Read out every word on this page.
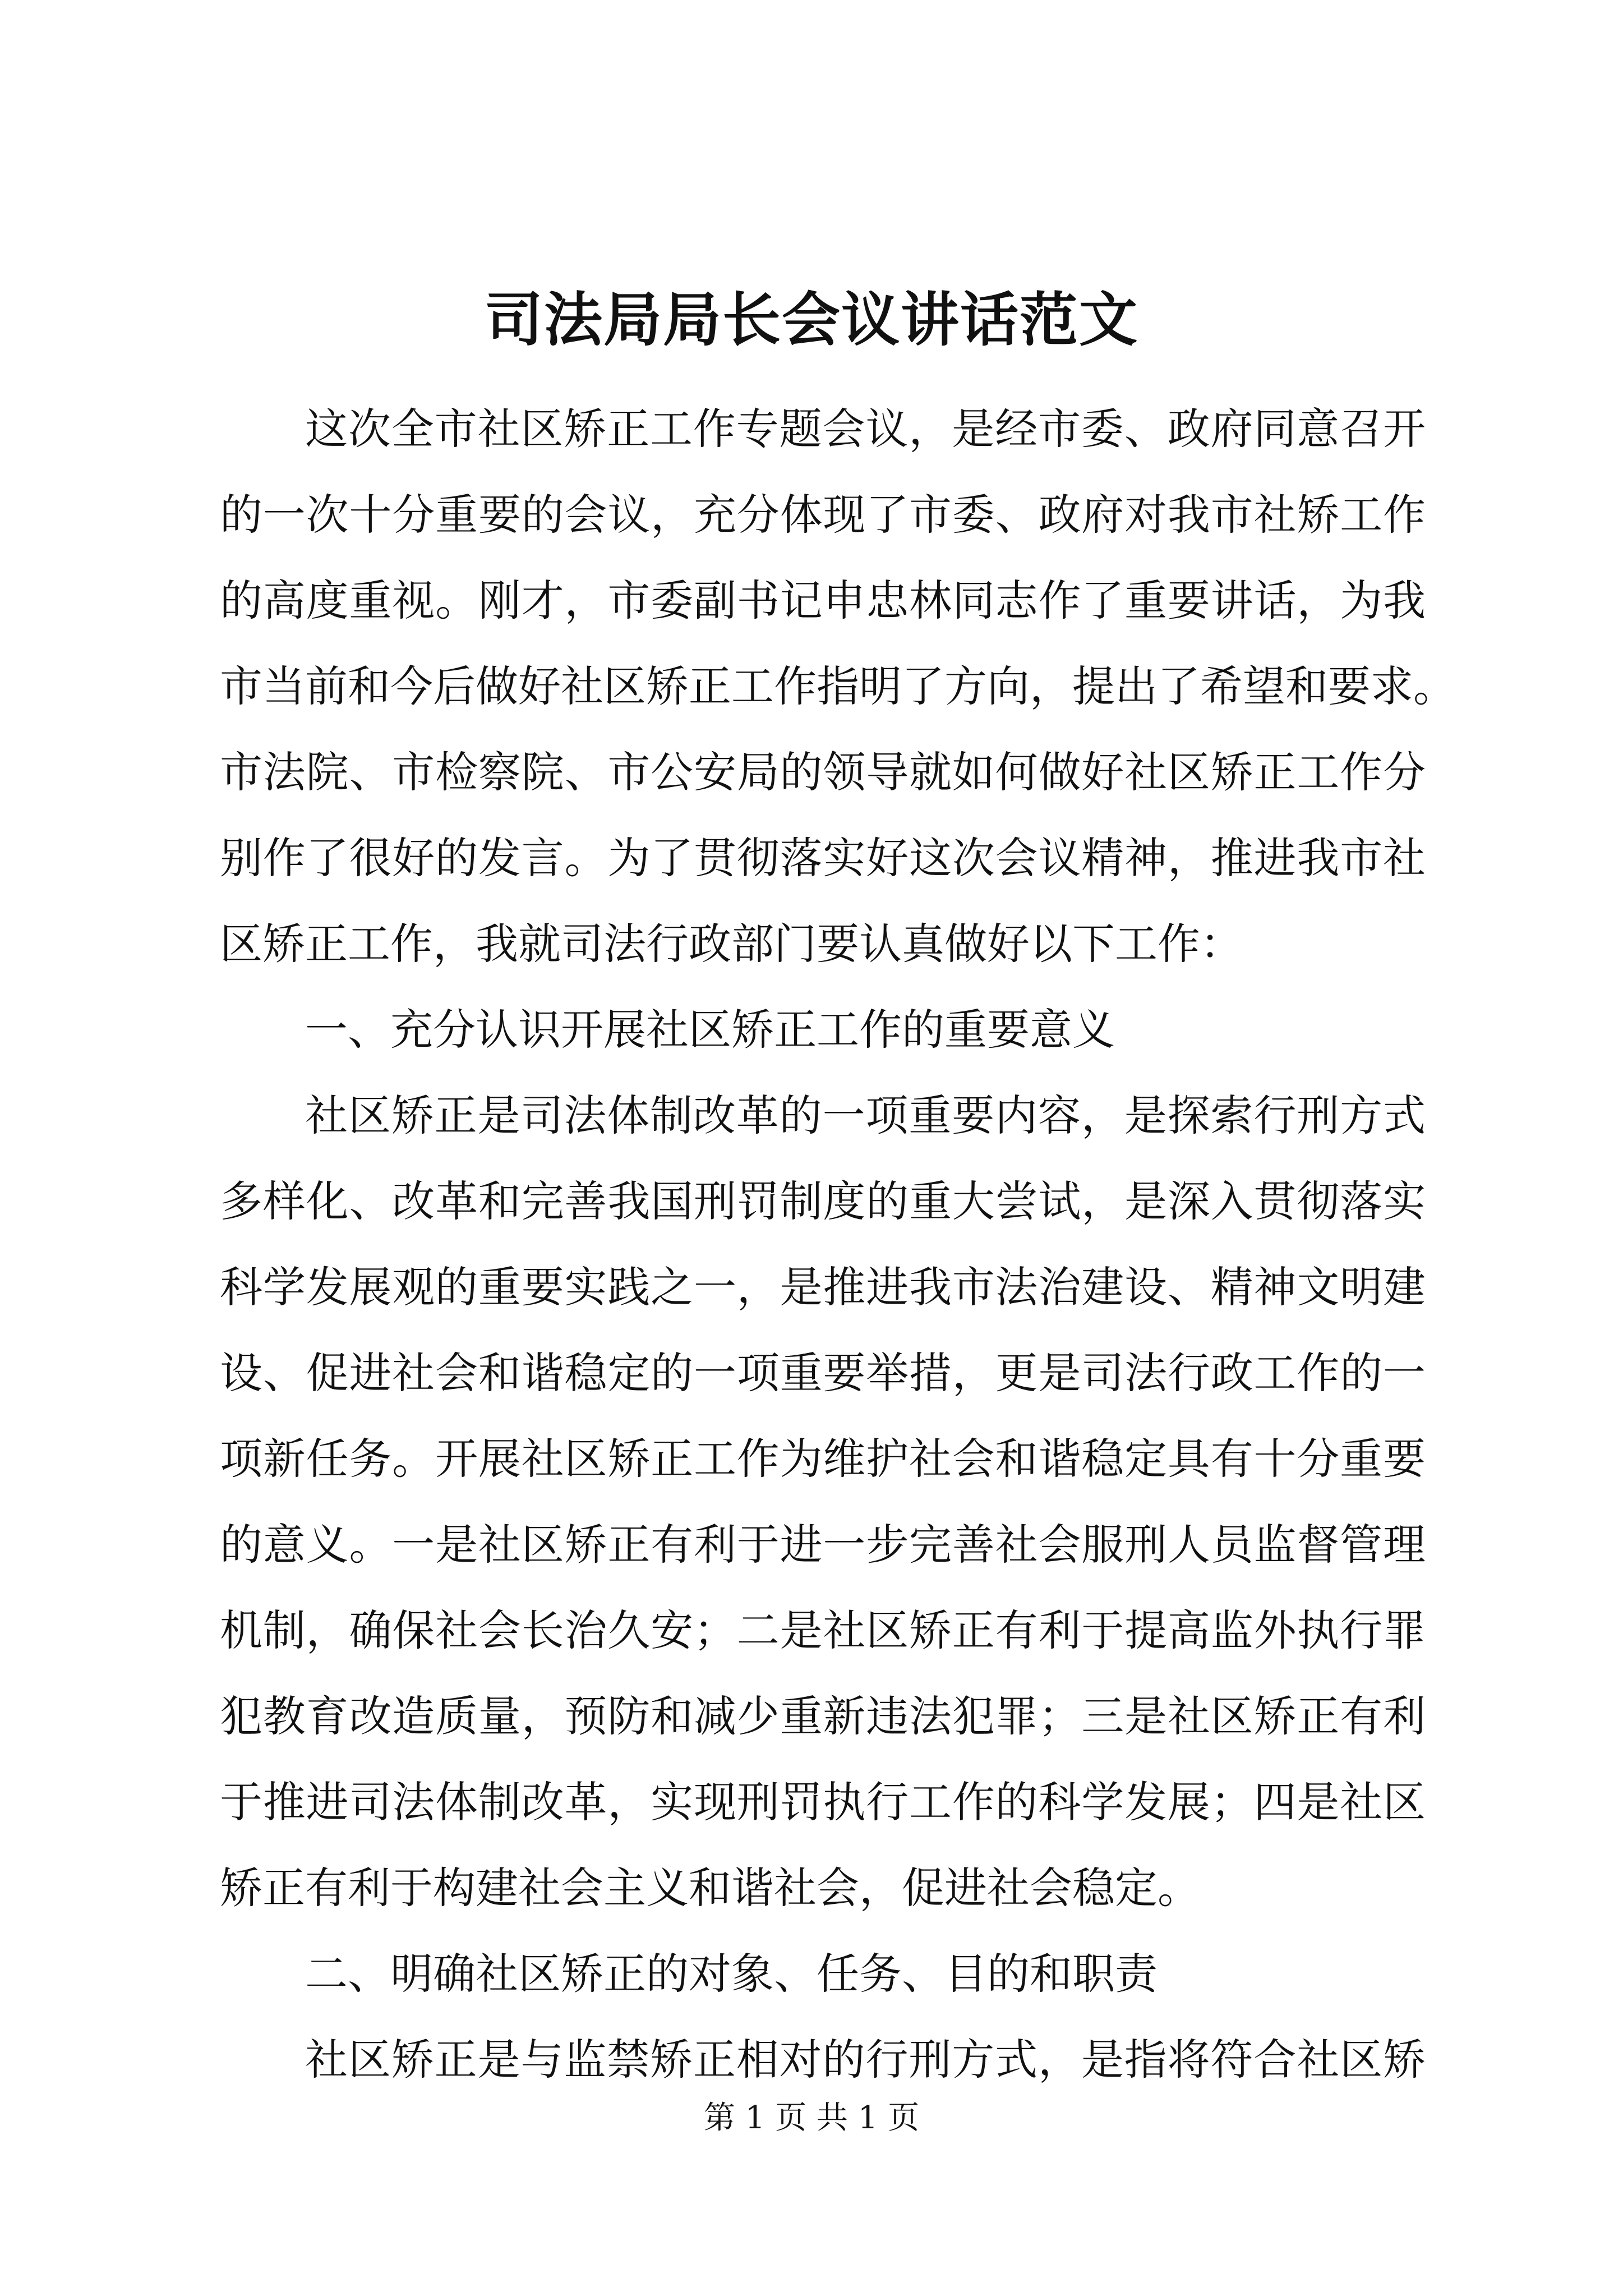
司法局局长会议讲话范文
这次全市社区矫正工作专题会议，是经市委、政府同意召开
的一次十分重要的会议，充分体现了市委、政府对我市社矫工作
的高度重视。刚才，市委副书记申忠林同志作了重要讲话，为我
市当前和今后做好社区矫正工作指明了方向，提出了希望和要求。
市法院、市检察院、市公安局的领导就如何做好社区矫正工作分
别作了很好的发言。为了贯彻落实好这次会议精神，推进我市社
区矫正工作，我就司法行政部门要认真做好以下工作：
一、充分认识开展社区矫正工作的重要意义
社区矫正是司法体制改革的一项重要内容，是探索行刑方式
多样化、改革和完善我国刑罚制度的重大尝试，是深入贯彻落实
科学发展观的重要实践之一，是推进我市法治建设、精神文明建
设、促进社会和谐稳定的一项重要举措，更是司法行政工作的一
项新任务。开展社区矫正工作为维护社会和谐稳定具有十分重要
的意义。一是社区矫正有利于进一步完善社会服刑人员监督管理
机制，确保社会长治久安；二是社区矫正有利于提高监外执行罪
犯教育改造质量，预防和减少重新违法犯罪；三是社区矫正有利
于推进司法体制改革，实现刑罚执行工作的科学发展；四是社区
矫正有利于构建社会主义和谐社会，促进社会稳定。
二、明确社区矫正的对象、任务、目的和职责
社区矫正是与监禁矫正相对的行刑方式，是指将符合社区矫
第 1 页 共 1 页
